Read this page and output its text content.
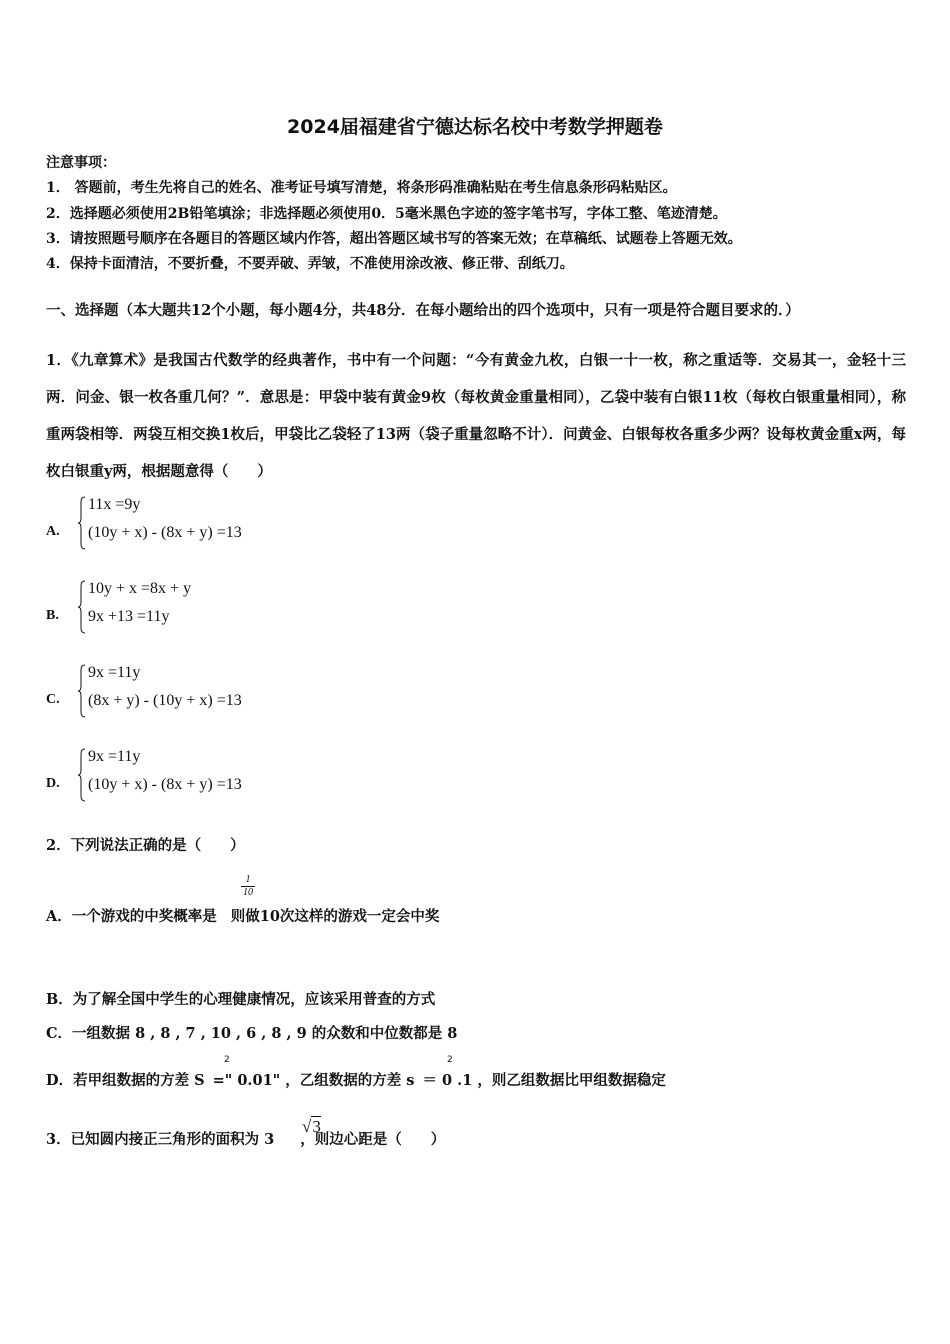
2024届福建省宁德达标名校中考数学押题卷
注意事项：
1． 答题前，考生先将自己的姓名、准考证号填写清楚，将条形码准确粘贴在考生信息条形码粘贴区。
2．选择题必须使用2B铅笔填涂；非选择题必须使用0．5毫米黑色字迹的签字笔书写，字体工整、笔迹清楚。
3．请按照题号顺序在各题目的答题区域内作答，超出答题区域书写的答案无效；在草稿纸、试题卷上答题无效。
4．保持卡面清洁，不要折叠，不要弄破、弄皱，不准使用涂改液、修正带、刮纸刀。
一、选择题（本大题共12个小题，每小题4分，共48分．在每小题给出的四个选项中，只有一项是符合题目要求的．）
1．《九章算术》是我国古代数学的经典著作，书中有一个问题：“今有黄金九枚，白银一十一枚，称之重适等．交易其一，金轻十三两．问金、银一枚各重几何？”．意思是：甲袋中装有黄金9枚（每枚黄金重量相同），乙袋中装有白银11枚（每枚白银重量相同），称重两袋相等．两袋互相交换1枚后，甲袋比乙袋轻了13两（袋子重量忽略不计）．问黄金、白银每枚各重多少两？设每枚黄金重x两，每枚白银重y两，根据题意得（　　）
A.
11x =9y
(10y + x) - (8x + y) =13
B.
10y + x =8x + y
9x +13 =11y
C.
9x =11y
(8x + y) - (10y + x) =13
D.
9x =11y
(10y + x) - (8x + y) =13
2．下列说法正确的是（　　）
A．一个游戏的中奖概率是 则做10次这样的游戏一定会中奖
$\frac{1}{10}$
B．为了解全国中学生的心理健康情况，应该采用普查的方式
C．一组数据 8 , 8 , 7 , 10 , 6 , 8 , 9 的众数和中位数都是 8
D．若甲组数据的方差 S =" 0.01" ，乙组数据的方差 s ＝ 0 .1 ，则乙组数据比甲组数据稳定
2	2
3．已知圆内接正三角形的面积为 3 ，则边心距是（　　）
√3
